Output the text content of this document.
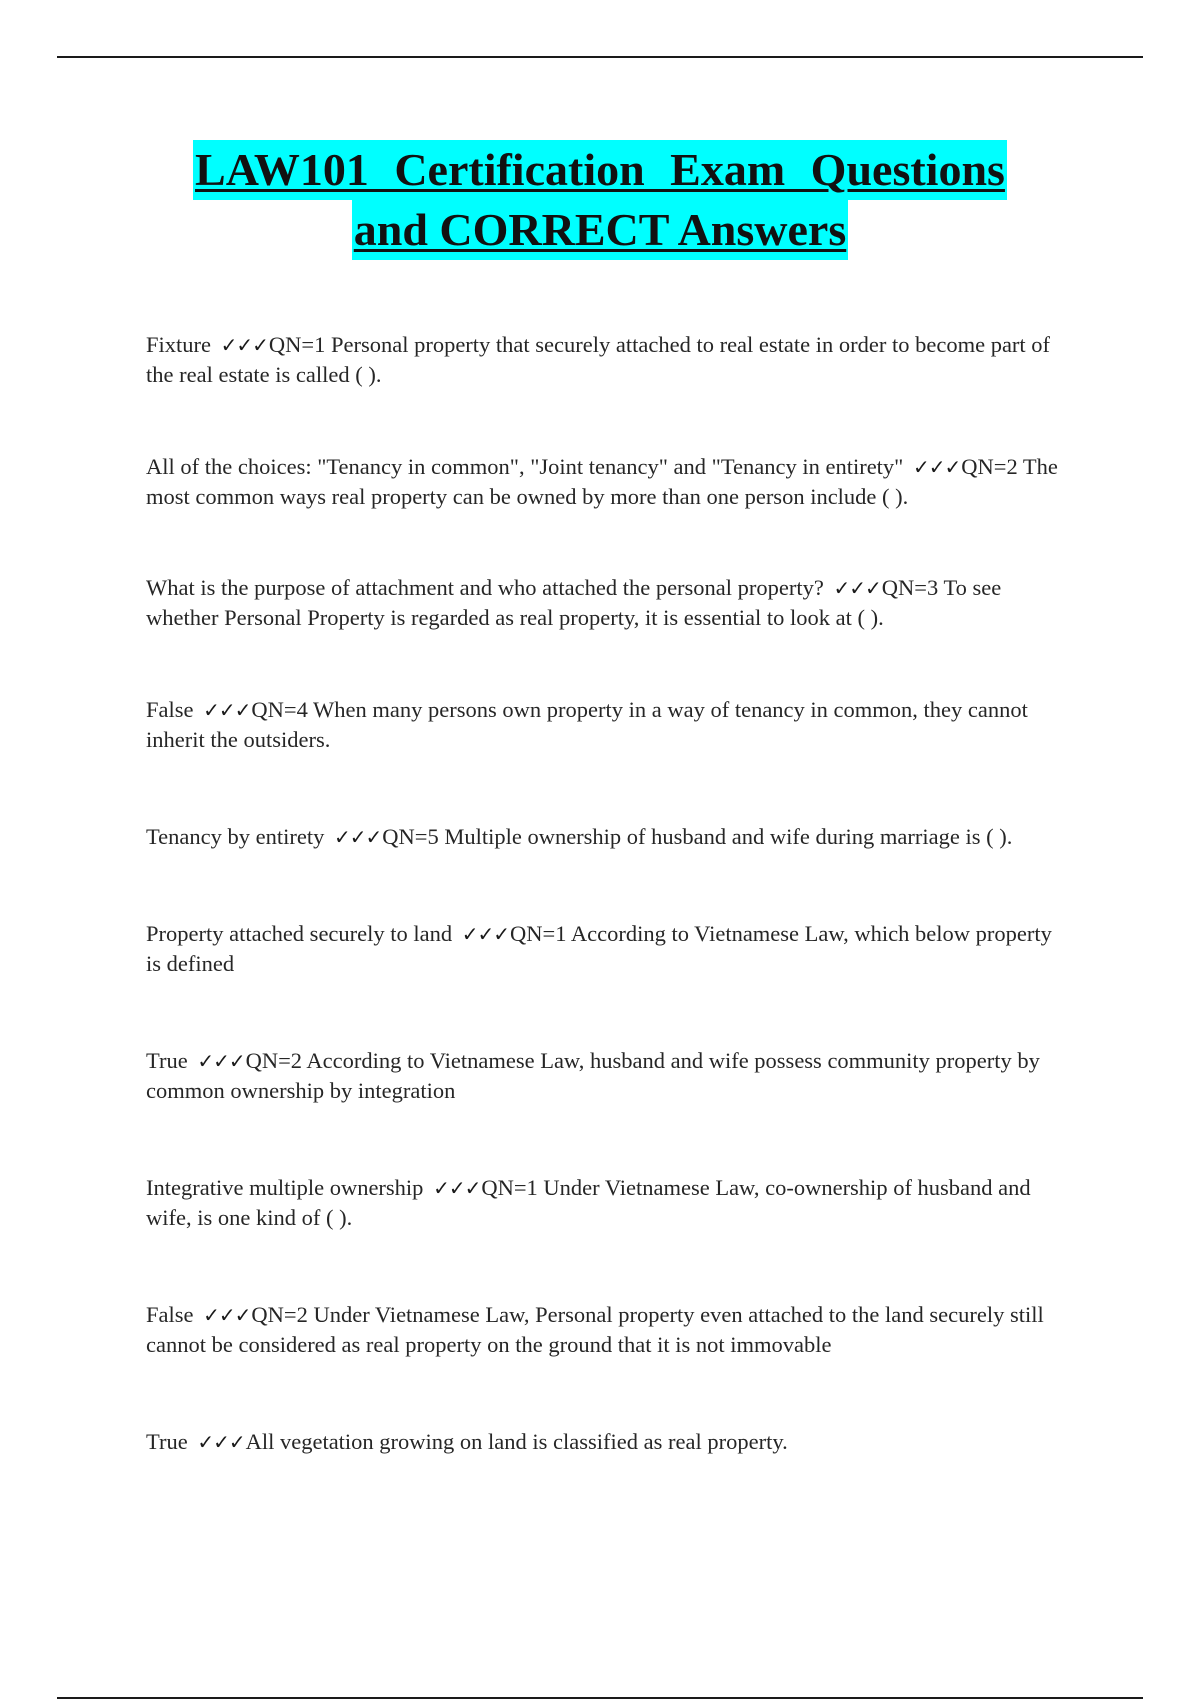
LAW101 Certification Exam Questions
and CORRECT Answers

Fixture ✓✓✓QN=1 Personal property that securely attached to real estate in order to become part of the real estate is called ( ).

All of the choices: "Tenancy in common", "Joint tenancy" and "Tenancy in entirety" ✓✓✓QN=2 The most common ways real property can be owned by more than one person include ( ).

What is the purpose of attachment and who attached the personal property? ✓✓✓QN=3 To see whether Personal Property is regarded as real property, it is essential to look at ( ).

False ✓✓✓QN=4 When many persons own property in a way of tenancy in common, they cannot inherit the outsiders.

Tenancy by entirety ✓✓✓QN=5 Multiple ownership of husband and wife during marriage is ( ).

Property attached securely to land ✓✓✓QN=1 According to Vietnamese Law, which below property is defined

True ✓✓✓QN=2 According to Vietnamese Law, husband and wife possess community property by common ownership by integration

Integrative multiple ownership ✓✓✓QN=1 Under Vietnamese Law, co-ownership of husband and wife, is one kind of ( ).

False ✓✓✓QN=2 Under Vietnamese Law, Personal property even attached to the land securely still cannot be considered as real property on the ground that it is not immovable

True ✓✓✓All vegetation growing on land is classified as real property.
